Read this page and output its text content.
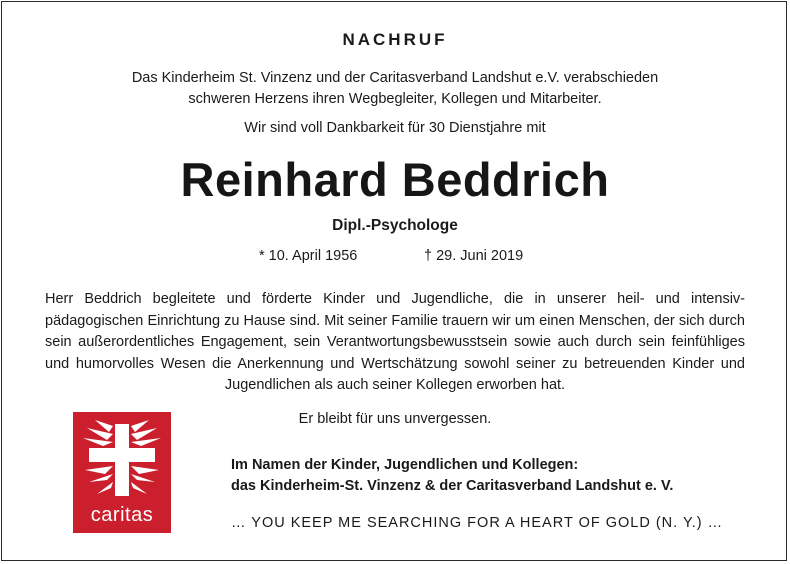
NACHRUF
Das Kinderheim St. Vinzenz und der Caritasverband Landshut e.V. verabschieden
schweren Herzens ihren Wegbegleiter, Kollegen und Mitarbeiter.
Wir sind voll Dankbarkeit für 30 Dienstjahre mit
Reinhard Beddrich
Dipl.-Psychologe
* 10. April 1956	† 29. Juni 2019
Herr Beddrich begleitete und förderte Kinder und Jugendliche, die in unserer heil- und intensiv-pädagogischen Einrichtung zu Hause sind. Mit seiner Familie trauern wir um einen Menschen, der sich durch sein außerordentliches Engagement, sein Verantwortungsbewusstsein sowie auch durch sein feinfühliges und humorvolles Wesen die Anerkennung und Wertschätzung sowohl seiner zu betreuenden Kinder und Jugendlichen als auch seiner Kollegen erworben hat.
Er bleibt für uns unvergessen.
caritas
Im Namen der Kinder, Jugendlichen und Kollegen:
das Kinderheim-St. Vinzenz & der Caritasverband Landshut e. V.
… YOU KEEP ME SEARCHING FOR A HEART OF GOLD (N. Y.) …
